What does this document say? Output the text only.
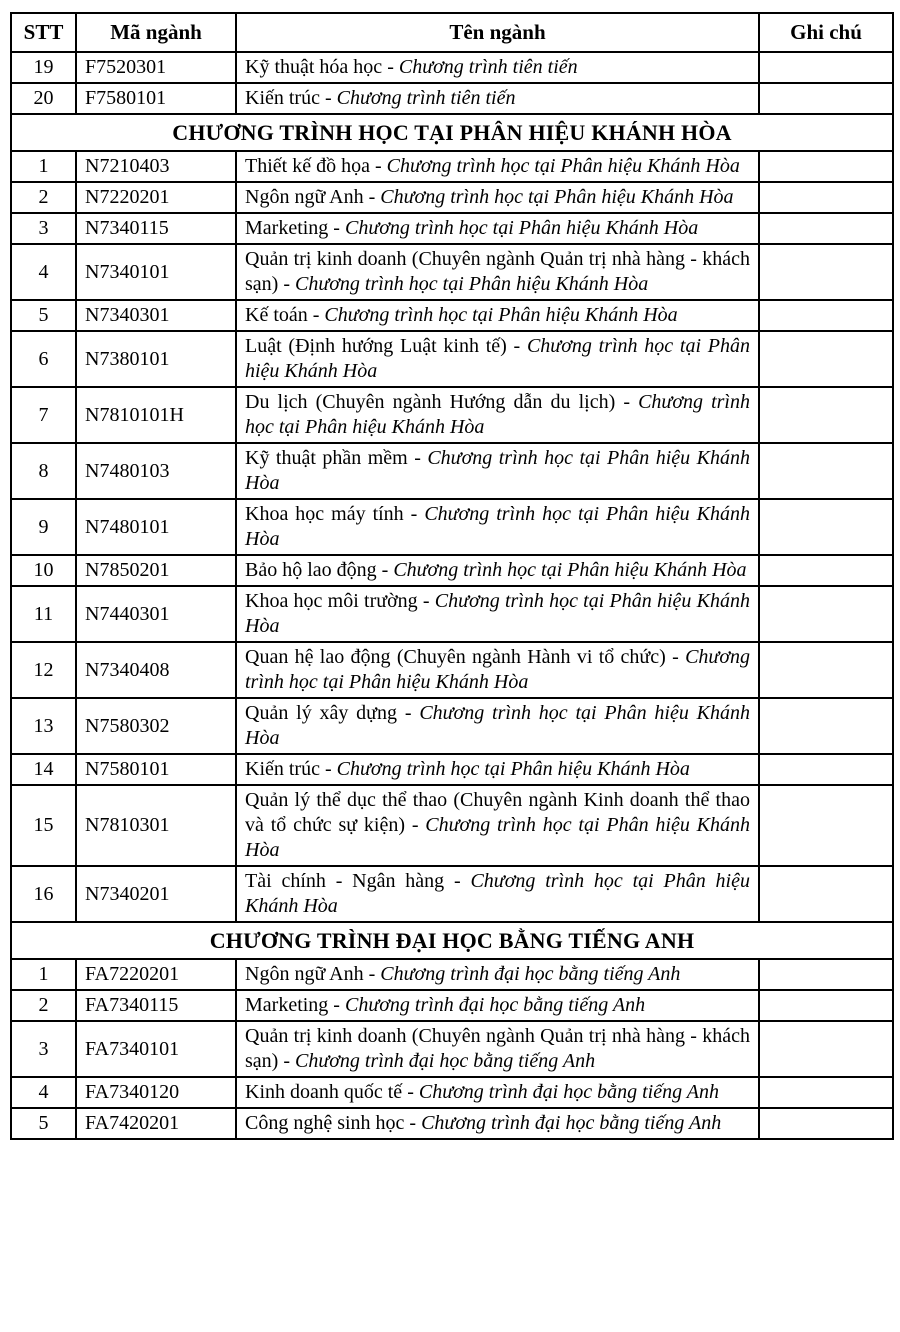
STT	Mã ngành	Tên ngành	Ghi chú
19	F7520301	Kỹ thuật hóa học - Chương trình tiên tiến	
20	F7580101	Kiến trúc - Chương trình tiên tiến	
CHƯƠNG TRÌNH HỌC TẠI PHÂN HIỆU KHÁNH HÒA			
1	N7210403	Thiết kế đồ họa - Chương trình học tại Phân hiệu Khánh Hòa	
2	N7220201	Ngôn ngữ Anh - Chương trình học tại Phân hiệu Khánh Hòa	
3	N7340115	Marketing - Chương trình học tại Phân hiệu Khánh Hòa	
4	N7340101	Quản trị kinh doanh (Chuyên ngành Quản trị nhà hàng - khách sạn) - Chương trình học tại Phân hiệu Khánh Hòa	
5	N7340301	Kế toán - Chương trình học tại Phân hiệu Khánh Hòa	
6	N7380101	Luật (Định hướng Luật kinh tế) - Chương trình học tại Phân hiệu Khánh Hòa	
7	N7810101H	Du lịch (Chuyên ngành Hướng dẫn du lịch) - Chương trình học tại Phân hiệu Khánh Hòa	
8	N7480103	Kỹ thuật phần mềm - Chương trình học tại Phân hiệu Khánh Hòa	
9	N7480101	Khoa học máy tính - Chương trình học tại Phân hiệu Khánh Hòa	
10	N7850201	Bảo hộ lao động - Chương trình học tại Phân hiệu Khánh Hòa	
11	N7440301	Khoa học môi trường - Chương trình học tại Phân hiệu Khánh Hòa	
12	N7340408	Quan hệ lao động (Chuyên ngành Hành vi tổ chức) - Chương trình học tại Phân hiệu Khánh Hòa	
13	N7580302	Quản lý xây dựng - Chương trình học tại Phân hiệu Khánh Hòa	
14	N7580101	Kiến trúc - Chương trình học tại Phân hiệu Khánh Hòa	
15	N7810301	Quản lý thể dục thể thao (Chuyên ngành Kinh doanh thể thao và tổ chức sự kiện) - Chương trình học tại Phân hiệu Khánh Hòa	
16	N7340201	Tài chính - Ngân hàng - Chương trình học tại Phân hiệu Khánh Hòa	
CHƯƠNG TRÌNH ĐẠI HỌC BẰNG TIẾNG ANH			
1	FA7220201	Ngôn ngữ Anh - Chương trình đại học bằng tiếng Anh	
2	FA7340115	Marketing - Chương trình đại học bằng tiếng Anh	
3	FA7340101	Quản trị kinh doanh (Chuyên ngành Quản trị nhà hàng - khách sạn) - Chương trình đại học bằng tiếng Anh	
4	FA7340120	Kinh doanh quốc tế - Chương trình đại học bằng tiếng Anh	
5	FA7420201	Công nghệ sinh học - Chương trình đại học bằng tiếng Anh	
